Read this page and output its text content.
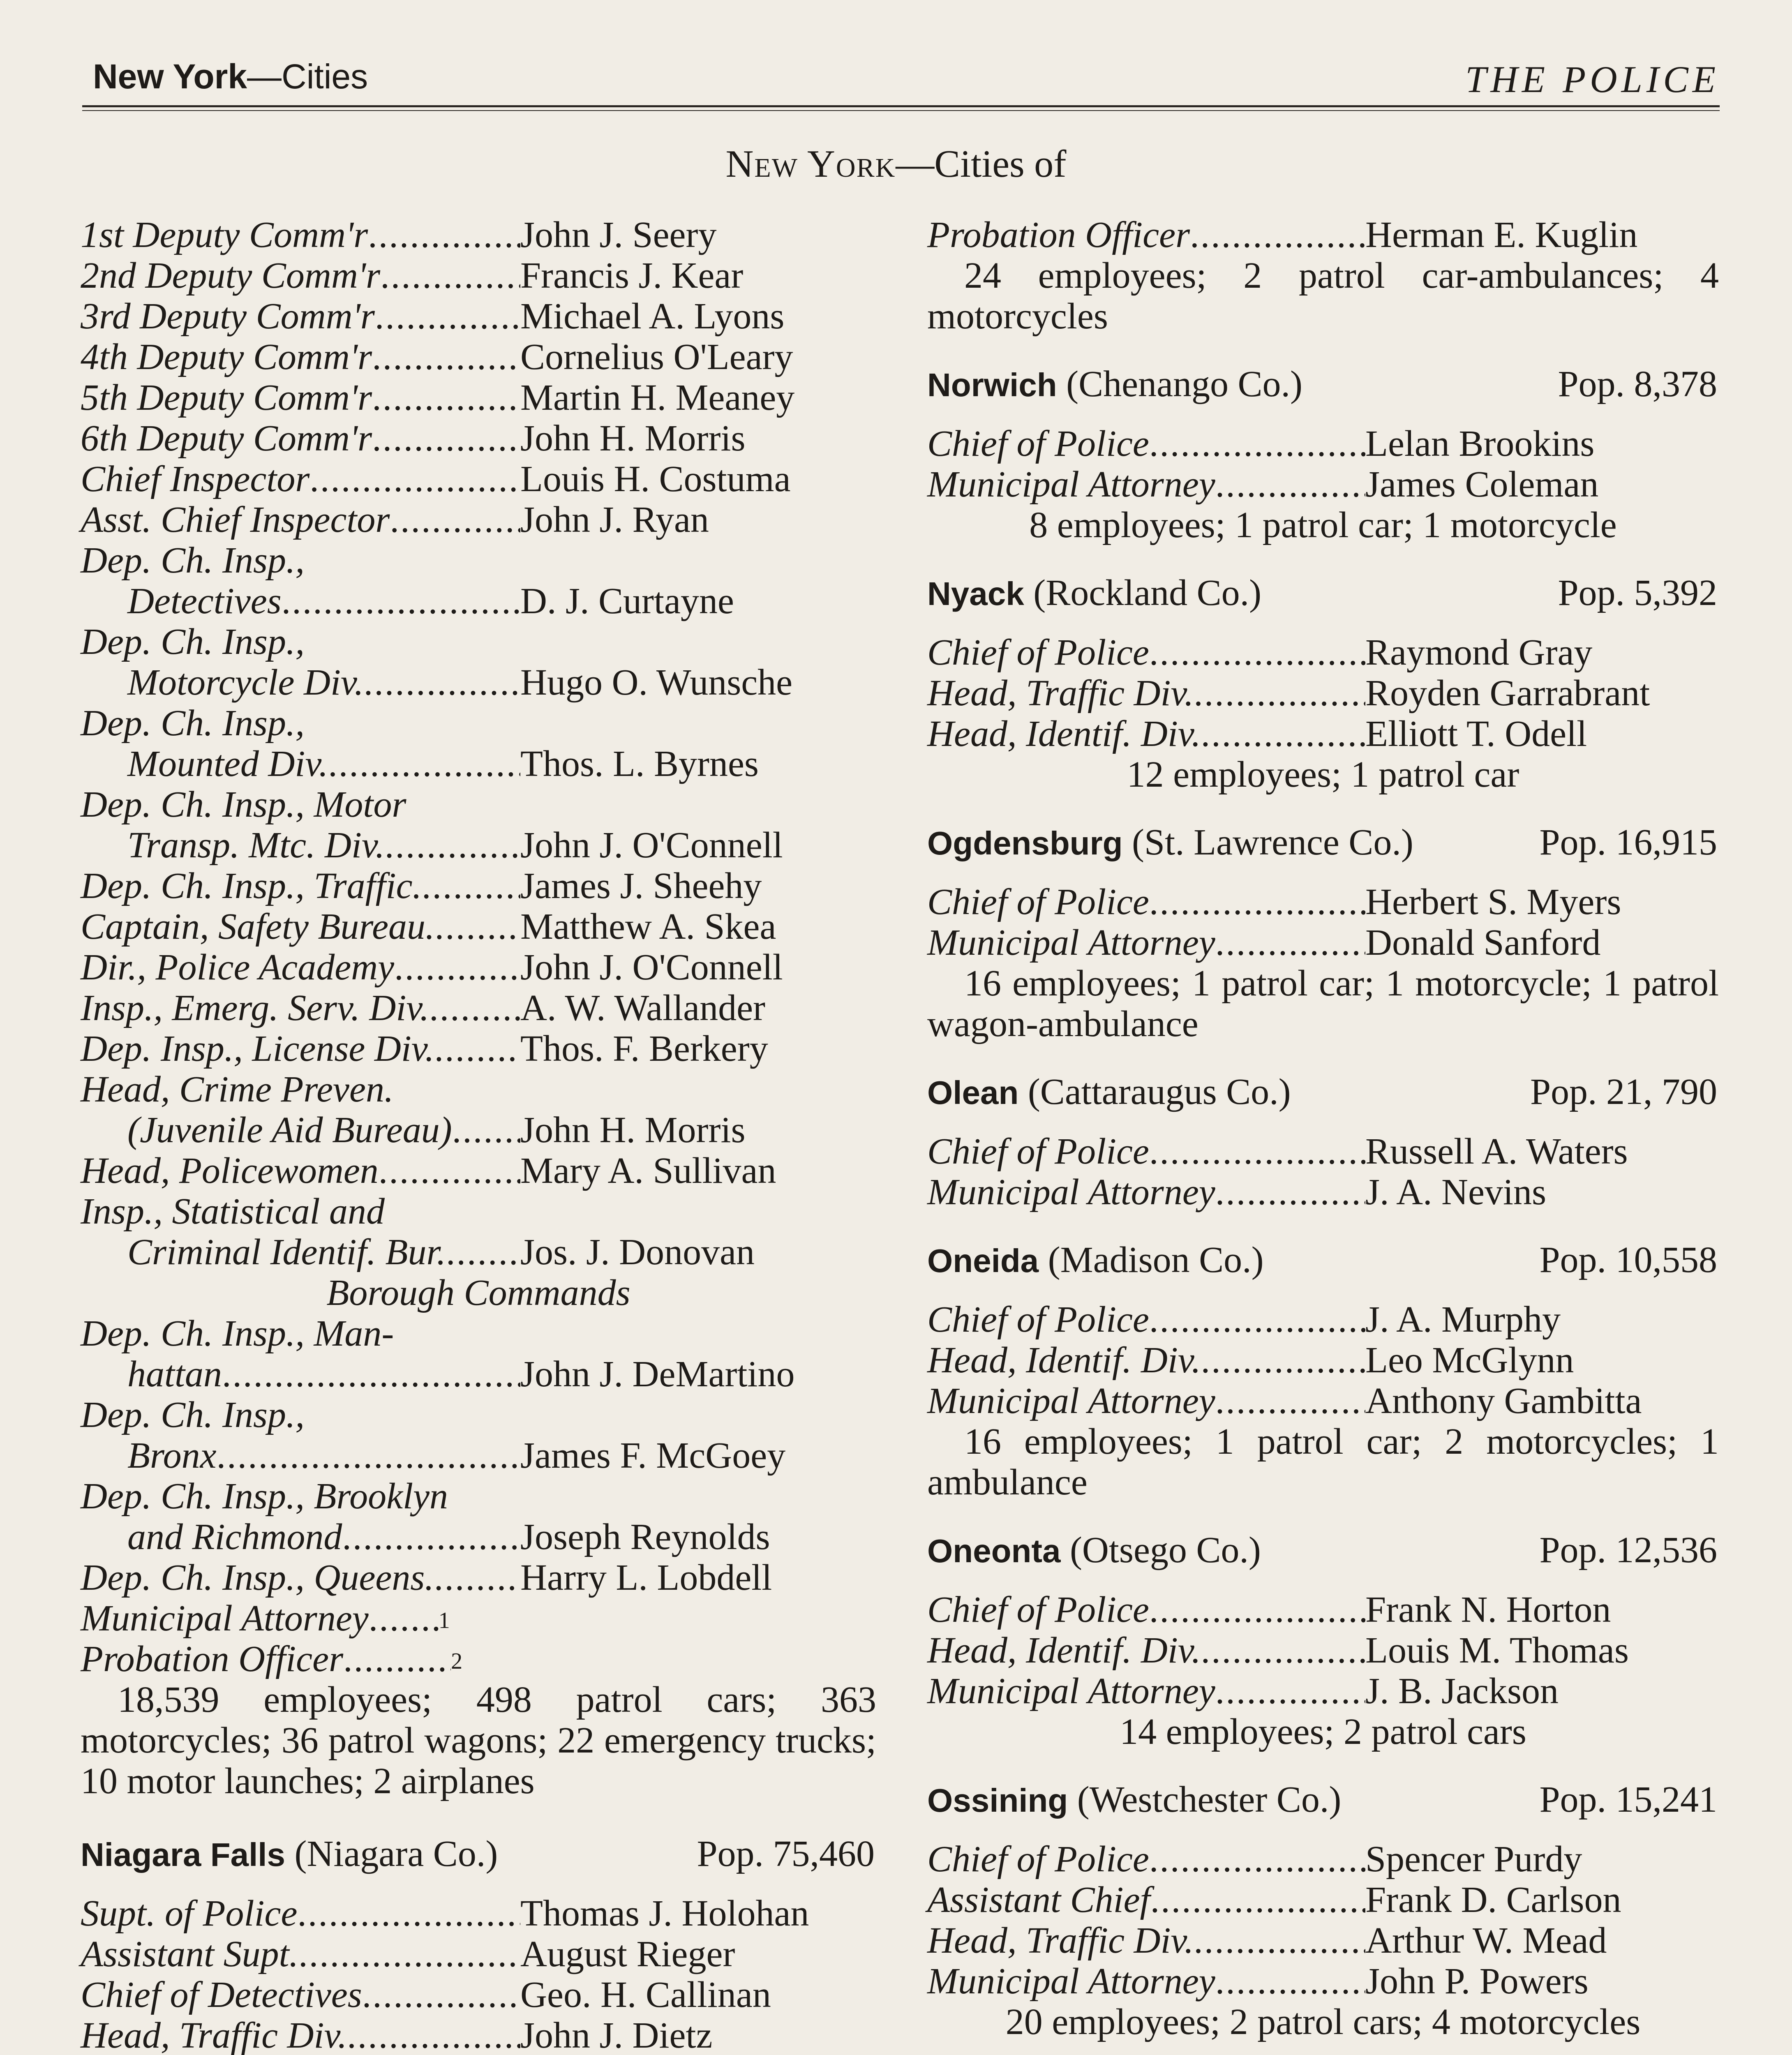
New York—Cities	THE POLICE
New York—Cities of
1st Deputy Comm'r .....	John J. Seery
2nd Deputy Comm'r .....	Francis J. Kear
3rd Deputy Comm'r .....	Michael A. Lyons
4th Deputy Comm'r .....	Cornelius O'Leary
5th Deputy Comm'r .....	Martin H. Meaney
6th Deputy Comm'r .....	John H. Morris
Chief Inspector .....	Louis H. Costuma
Asst. Chief Inspector .....	John J. Ryan
Dep. Ch. Insp.,
Detectives .....	D. J. Curtayne
Dep. Ch. Insp.,
Motorcycle Div. .....	Hugo O. Wunsche
Dep. Ch. Insp.,
Mounted Div. .....	Thos. L. Byrnes
Dep. Ch. Insp., Motor
Transp. Mtc. Div. .....	John J. O'Connell
Dep. Ch. Insp., Traffic. .....	James J. Sheehy
Captain, Safety Bureau. ..... Matthew A. Skea
Dir., Police Academy .....	John J. O'Connell
Insp., Emerg. Serv. Div. ..... A. W. Wallander
Dep. Insp., License Div. ..... Thos. F. Berkery
Head, Crime Preven.
(Juvenile Aid Bureau) ..... John H. Morris
Head, Policewomen .....	Mary A. Sullivan
Insp., Statistical and
Criminal Identif. Bur. ..... Jos. J. Donovan
Borough Commands
Dep. Ch. Insp., Man-
hattan .....	John J. DeMartino
Dep. Ch. Insp.,
Bronx .....	James F. McGoey
Dep. Ch. Insp., Brooklyn
and Richmond .....	Joseph Reynolds
Dep. Ch. Insp., Queens. ..... Harry L. Lobdell
Municipal Attorney .....	$^1$
Probation Officer .....	$^2$
18,539 employees; 498 patrol cars; 363 motorcycles; 36 patrol wagons; 22 emergency trucks; 10 motor launches; 2 airplanes
Niagara Falls (Niagara Co.)	Pop. 75,460
Supt. of Police .....	Thomas J. Holohan
Assistant Supt. .....	August Rieger
Chief of Detectives .....	Geo. H. Callinan
Head, Traffic Div. .....	John J. Dietz
Probation Officer .....	Herman E. Kuglin
24 employees; 2 patrol car-ambulances; 4 motorcycles
Norwich (Chenango Co.)	Pop. 8,378
Chief of Police .....	Lelan Brookins
Municipal Attorney .....	James Coleman
8 employees; 1 patrol car; 1 motorcycle
Nyack (Rockland Co.)	Pop. 5,392
Chief of Police .....	Raymond Gray
Head, Traffic Div. .....	Royden Garrabrant
Head, Identif. Div. .....	Elliott T. Odell
12 employees; 1 patrol car
Ogdensburg (St. Lawrence Co.)	Pop. 16,915
Chief of Police .....	Herbert S. Myers
Municipal Attorney .....	Donald Sanford
16 employees; 1 patrol car; 1 motorcycle; 1 patrol wagon-ambulance
Olean (Cattaraugus Co.)	Pop. 21, 790
Chief of Police .....	Russell A. Waters
Municipal Attorney .....	J. A. Nevins
Oneida (Madison Co.)	Pop. 10,558
Chief of Police .....	J. A. Murphy
Head, Identif. Div. .....	Leo McGlynn
Municipal Attorney .....	Anthony Gambitta
16 employees; 1 patrol car; 2 motorcycles; 1 ambulance
Oneonta (Otsego Co.)	Pop. 12,536
Chief of Police .....	Frank N. Horton
Head, Identif. Div. .....	Louis M. Thomas
Municipal Attorney .....	J. B. Jackson
14 employees; 2 patrol cars
Ossining (Westchester Co.)	Pop. 15,241
Chief of Police .....	Spencer Purdy
Assistant Chief .....	Frank D. Carlson
Head, Traffic Div. .....	Arthur W. Mead
Municipal Attorney .....	John P. Powers
20 employees; 2 patrol cars; 4 motorcycles
